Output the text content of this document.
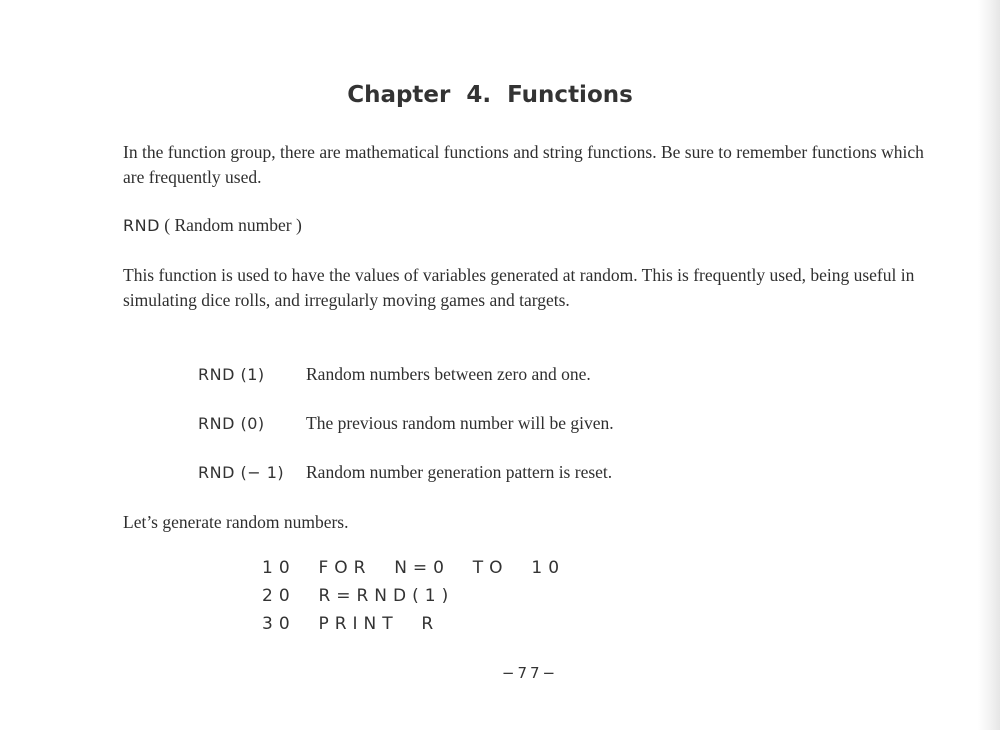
Chapter 4. Functions

In the function group, there are mathematical functions and string functions. Be sure to remember functions which are frequently used.

RND ( Random number )

This function is used to have the values of variables generated at random. This is frequently used, being useful in simulating dice rolls, and irregularly moving games and targets.

RND (1) Random numbers between zero and one.
RND (0) The previous random number will be given.
RND (− 1) Random number generation pattern is reset.

Let’s generate random numbers.

10  FOR  N=0  TO  10
20  R=RND(1)
30  PRINT  R
−77−
